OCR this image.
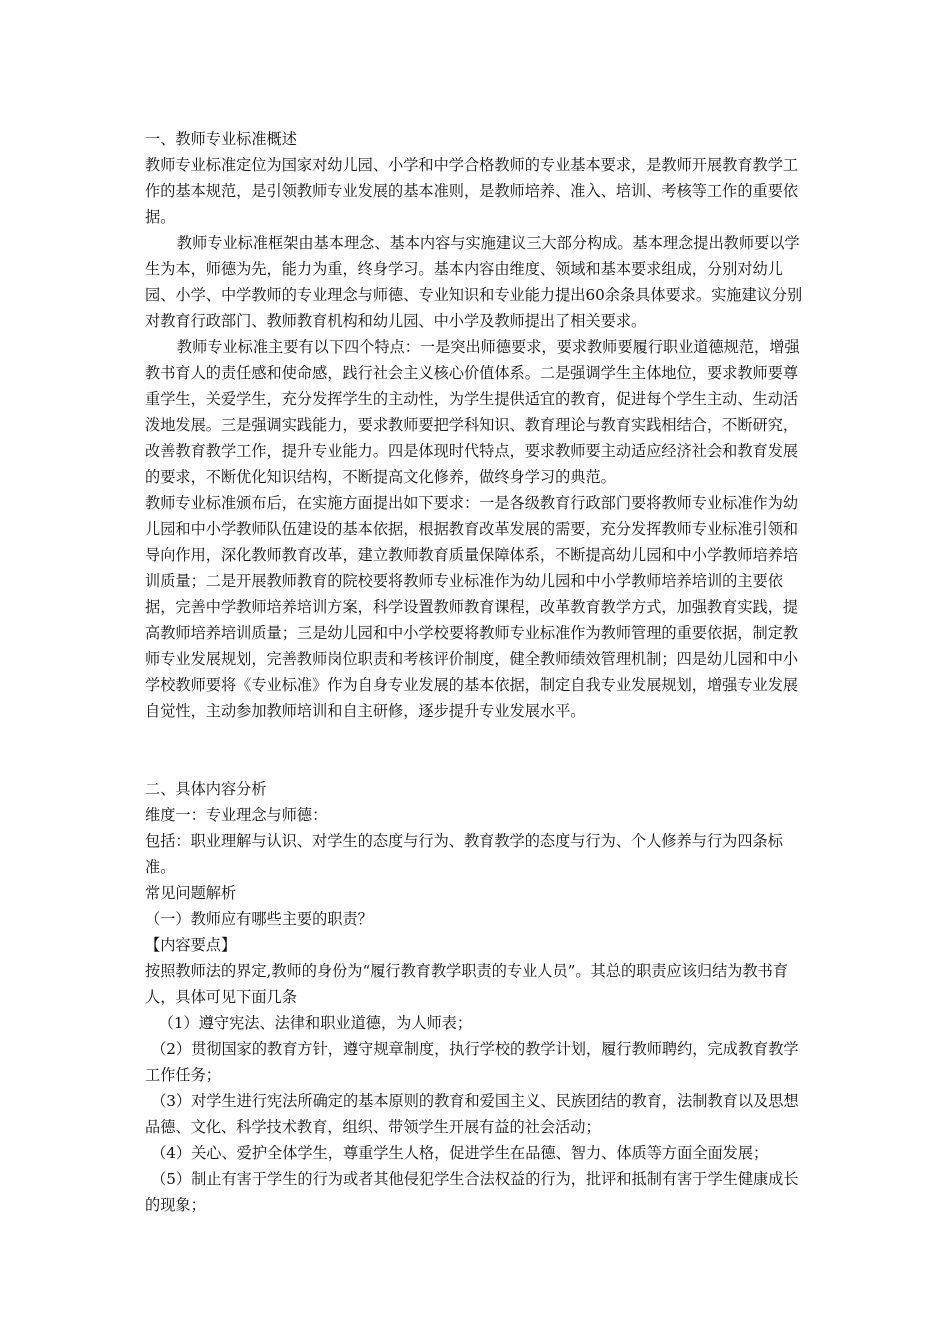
一、教师专业标准概述

教师专业标准定位为国家对幼儿园、小学和中学合格教师的专业基本要求，是教师开展教育教学工作的基本规范，是引领教师专业发展的基本准则，是教师培养、准入、培训、考核等工作的重要依据。

教师专业标准框架由基本理念、基本内容与实施建议三大部分构成。基本理念提出教师要以学生为本，师德为先，能力为重，终身学习。基本内容由维度、领域和基本要求组成，分别对幼儿园、小学、中学教师的专业理念与师德、专业知识和专业能力提出60余条具体要求。实施建议分别对教育行政部门、教师教育机构和幼儿园、中小学及教师提出了相关要求。

教师专业标准主要有以下四个特点：一是突出师德要求，要求教师要履行职业道德规范，增强教书育人的责任感和使命感，践行社会主义核心价值体系。二是强调学生主体地位，要求教师要尊重学生，关爱学生，充分发挥学生的主动性，为学生提供适宜的教育，促进每个学生主动、生动活泼地发展。三是强调实践能力，要求教师要把学科知识、教育理论与教育实践相结合，不断研究，改善教育教学工作，提升专业能力。四是体现时代特点，要求教师要主动适应经济社会和教育发展的要求，不断优化知识结构，不断提高文化修养，做终身学习的典范。

教师专业标准颁布后，在实施方面提出如下要求：一是各级教育行政部门要将教师专业标准作为幼儿园和中小学教师队伍建设的基本依据，根据教育改革发展的需要，充分发挥教师专业标准引领和导向作用，深化教师教育改革，建立教师教育质量保障体系，不断提高幼儿园和中小学教师培养培训质量；二是开展教师教育的院校要将教师专业标准作为幼儿园和中小学教师培养培训的主要依据，完善中学教师培养培训方案，科学设置教师教育课程，改革教育教学方式，加强教育实践，提高教师培养培训质量；三是幼儿园和中小学校要将教师专业标准作为教师管理的重要依据，制定教师专业发展规划，完善教师岗位职责和考核评价制度，健全教师绩效管理机制；四是幼儿园和中小学校教师要将《专业标准》作为自身专业发展的基本依据，制定自我专业发展规划，增强专业发展自觉性，主动参加教师培训和自主研修，逐步提升专业发展水平。

二、具体内容分析

维度一：专业理念与师德：

包括：职业理解与认识、对学生的态度与行为、教育教学的态度与行为、个人修养与行为四条标准。

常见问题解析

（一）教师应有哪些主要的职责？

【内容要点】

按照教师法的界定,教师的身份为“履行教育教学职责的专业人员”。其总的职责应该归结为教书育人，具体可见下面几条

（1）遵守宪法、法律和职业道德，为人师表；

（2）贯彻国家的教育方针，遵守规章制度，执行学校的教学计划，履行教师聘约，完成教育教学工作任务；

（3）对学生进行宪法所确定的基本原则的教育和爱国主义、民族团结的教育，法制教育以及思想品德、文化、科学技术教育，组织、带领学生开展有益的社会活动；

（4）关心、爱护全体学生，尊重学生人格，促进学生在品德、智力、体质等方面全面发展；

（5）制止有害于学生的行为或者其他侵犯学生合法权益的行为，批评和抵制有害于学生健康成长的现象；
